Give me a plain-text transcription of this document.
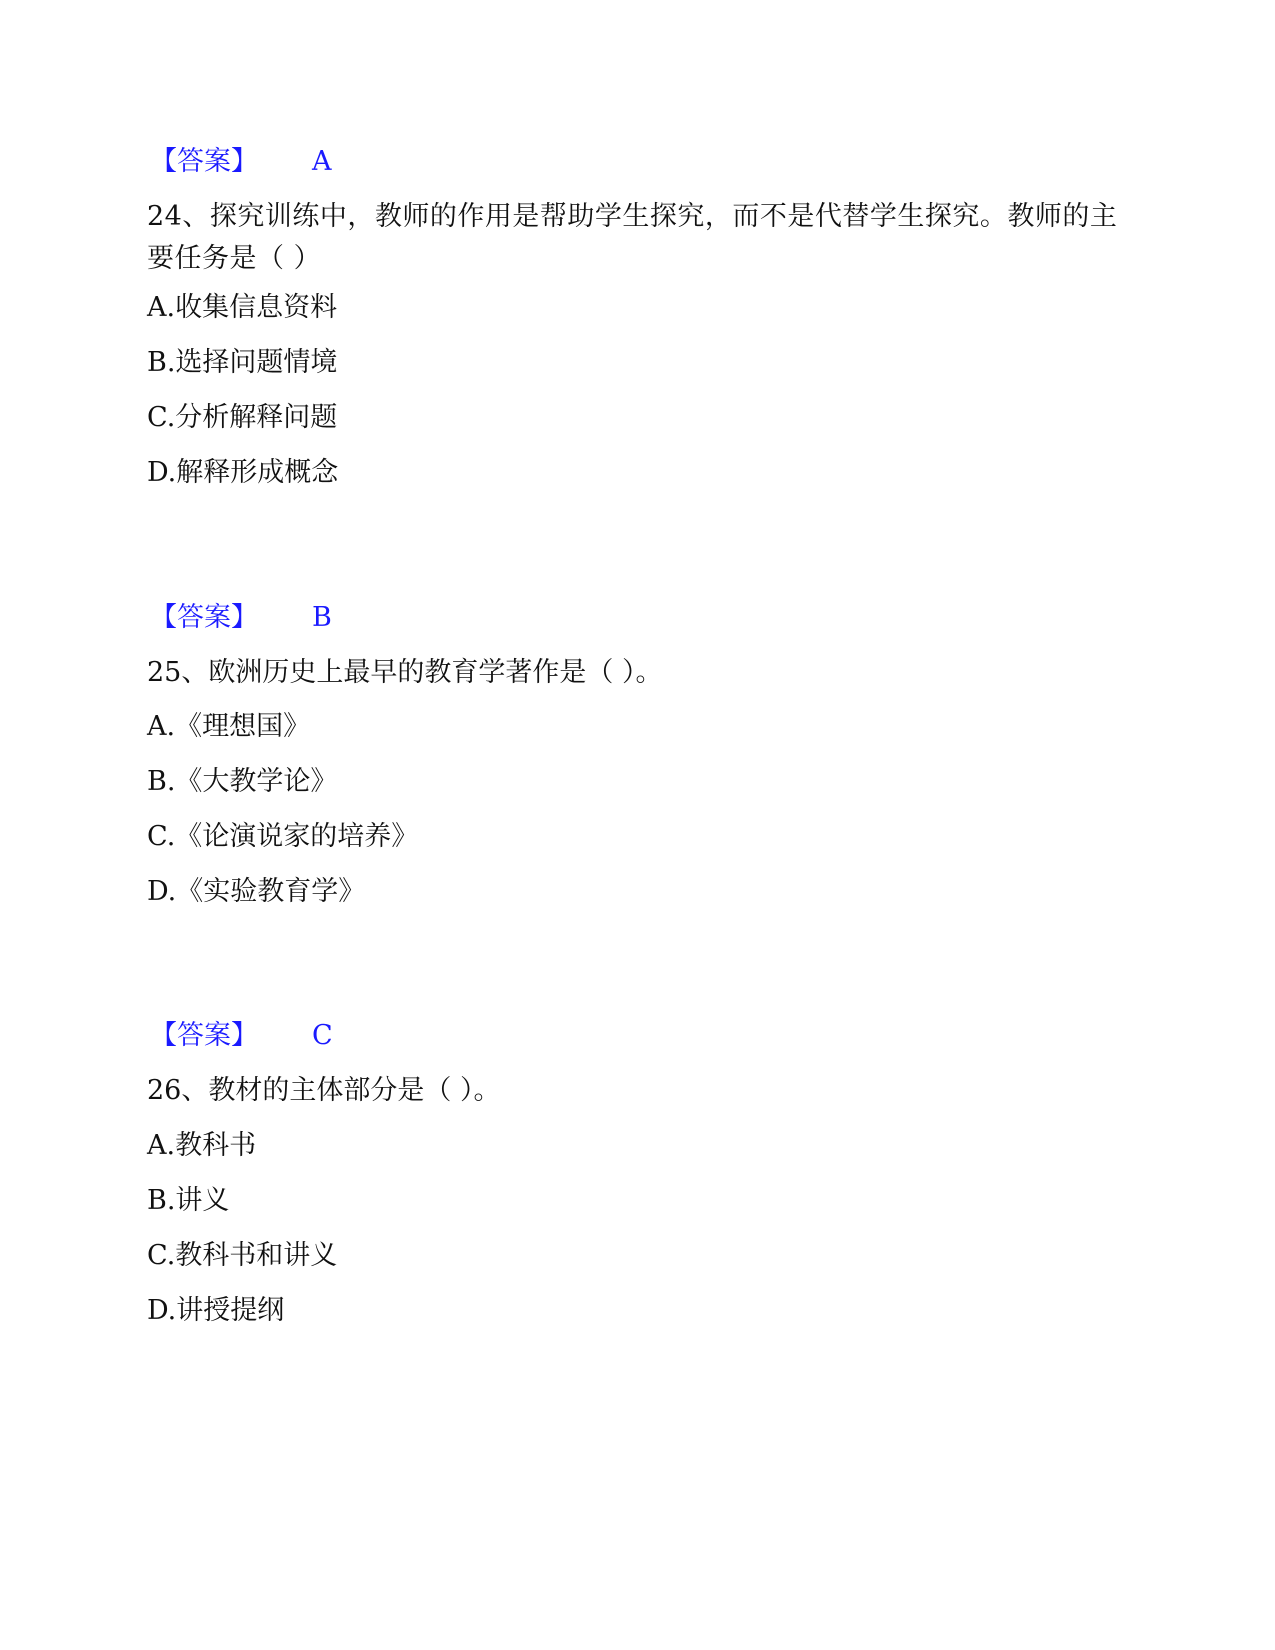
【答案】 A
24、探究训练中，教师的作用是帮助学生探究，而不是代替学生探究。教师的主要任务是（ ）
A.收集信息资料
B.选择问题情境
C.分析解释问题
D.解释形成概念
【答案】 B
25、欧洲历史上最早的教育学著作是（ ）。
A.《理想国》
B.《大教学论》
C.《论演说家的培养》
D.《实验教育学》
【答案】 C
26、教材的主体部分是（ ）。
A.教科书
B.讲义
C.教科书和讲义
D.讲授提纲
